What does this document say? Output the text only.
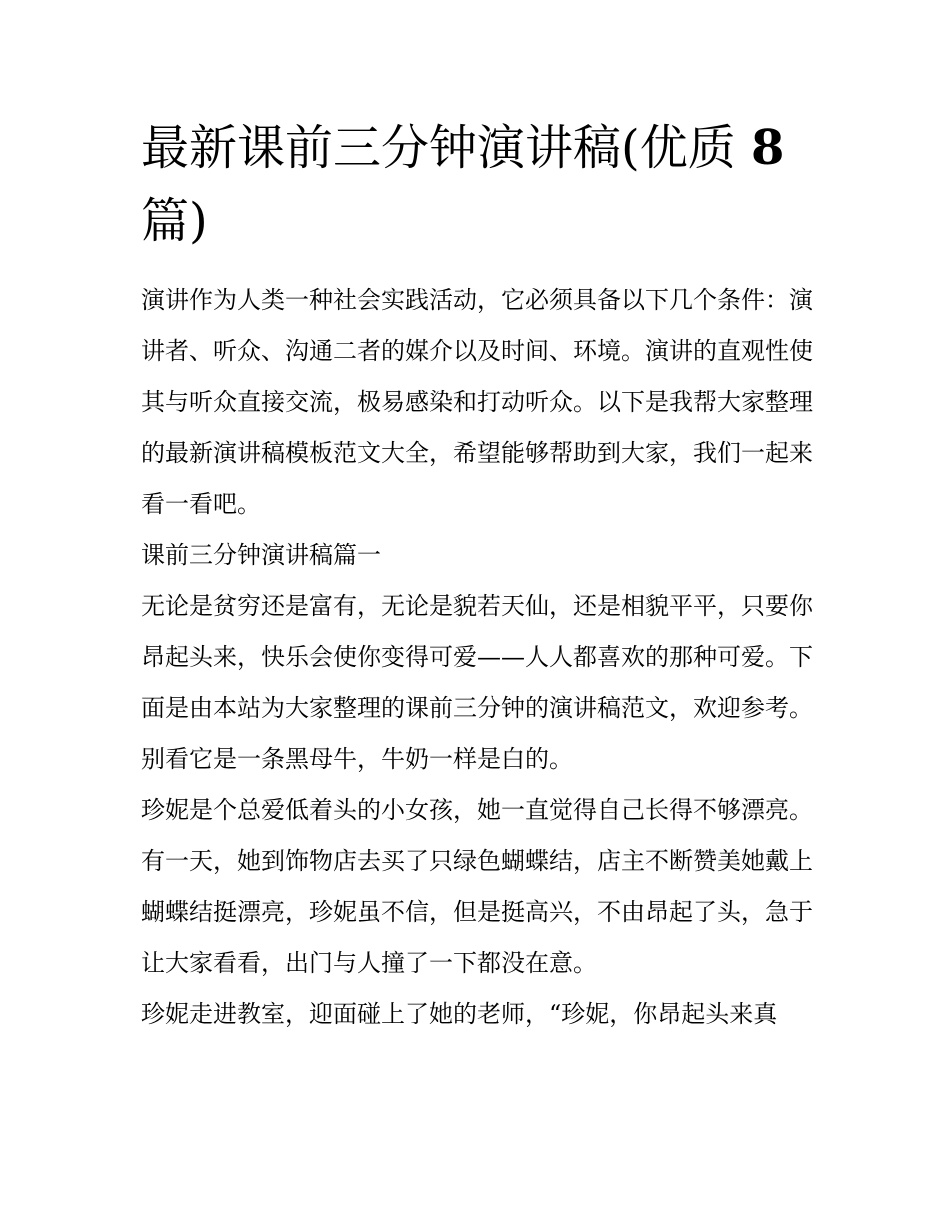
最新课前三分钟演讲稿(优质 8
篇)

演讲作为人类一种社会实践活动，它必须具备以下几个条件：演讲者、听众、沟通二者的媒介以及时间、环境。演讲的直观性使其与听众直接交流，极易感染和打动听众。以下是我帮大家整理的最新演讲稿模板范文大全，希望能够帮助到大家，我们一起来看一看吧。

课前三分钟演讲稿篇一

无论是贫穷还是富有，无论是貌若天仙，还是相貌平平，只要你昂起头来，快乐会使你变得可爱——人人都喜欢的那种可爱。下面是由本站为大家整理的课前三分钟的演讲稿范文，欢迎参考。

别看它是一条黑母牛，牛奶一样是白的。

珍妮是个总爱低着头的小女孩，她一直觉得自己长得不够漂亮。有一天，她到饰物店去买了只绿色蝴蝶结，店主不断赞美她戴上蝴蝶结挺漂亮，珍妮虽不信，但是挺高兴，不由昂起了头，急于让大家看看，出门与人撞了一下都没在意。

珍妮走进教室，迎面碰上了她的老师，“珍妮，你昂起头来真
